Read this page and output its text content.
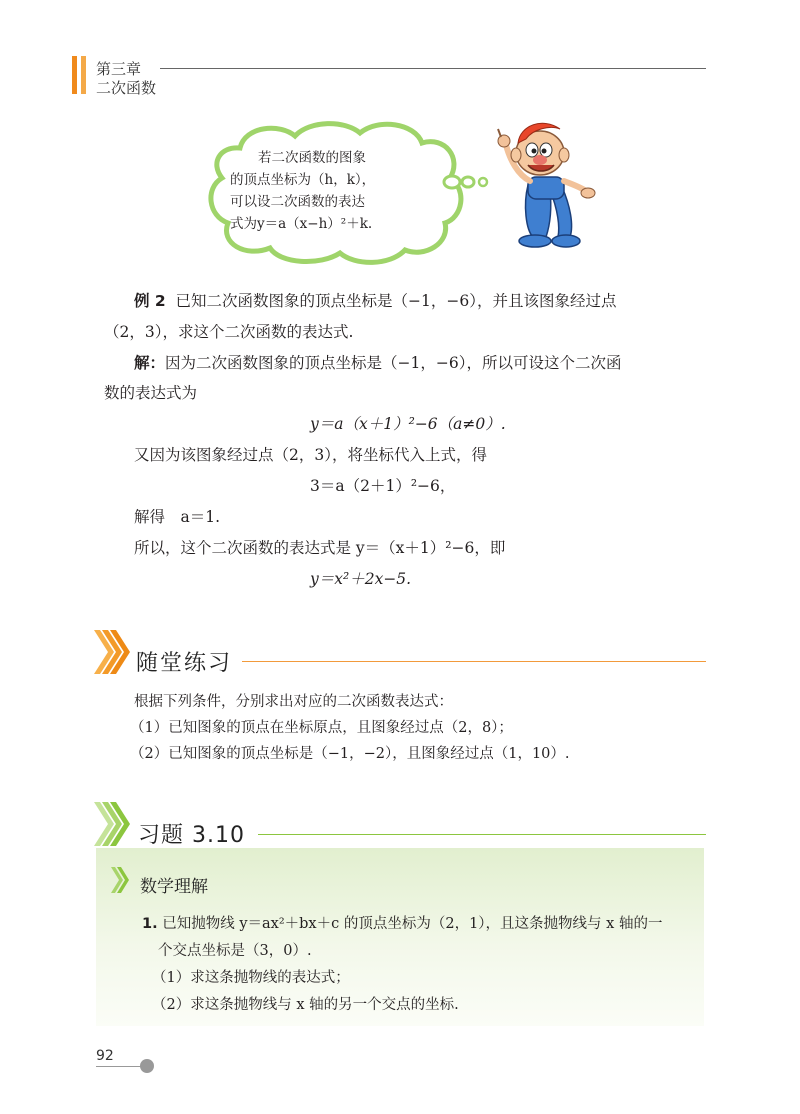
第三章
二次函数
若二次函数的图象
的顶点坐标为（h，k），
可以设二次函数的表达
式为y＝a（x−h）²＋k.
例 2 已知二次函数图象的顶点坐标是（−1，−6），并且该图象经过点
（2，3），求这个二次函数的表达式.
解：因为二次函数图象的顶点坐标是（−1，−6），所以可设这个二次函
数的表达式为
y＝a（x＋1）²−6（a≠0）.
又因为该图象经过点（2，3），将坐标代入上式，得
3＝a（2＋1）²−6，
解得　a＝1.
所以，这个二次函数的表达式是 y＝（x＋1）²−6，即
y＝x²＋2x−5.
随堂练习
根据下列条件，分别求出对应的二次函数表达式：
（1）已知图象的顶点在坐标原点，且图象经过点（2，8）；
（2）已知图象的顶点坐标是（−1，−2），且图象经过点（1，10）.
习题 3.10
数学理解
1. 已知抛物线 y＝ax²＋bx＋c 的顶点坐标为（2，1），且这条抛物线与 x 轴的一
个交点坐标是（3，0）.
（1）求这条抛物线的表达式；
（2）求这条抛物线与 x 轴的另一个交点的坐标.
92
